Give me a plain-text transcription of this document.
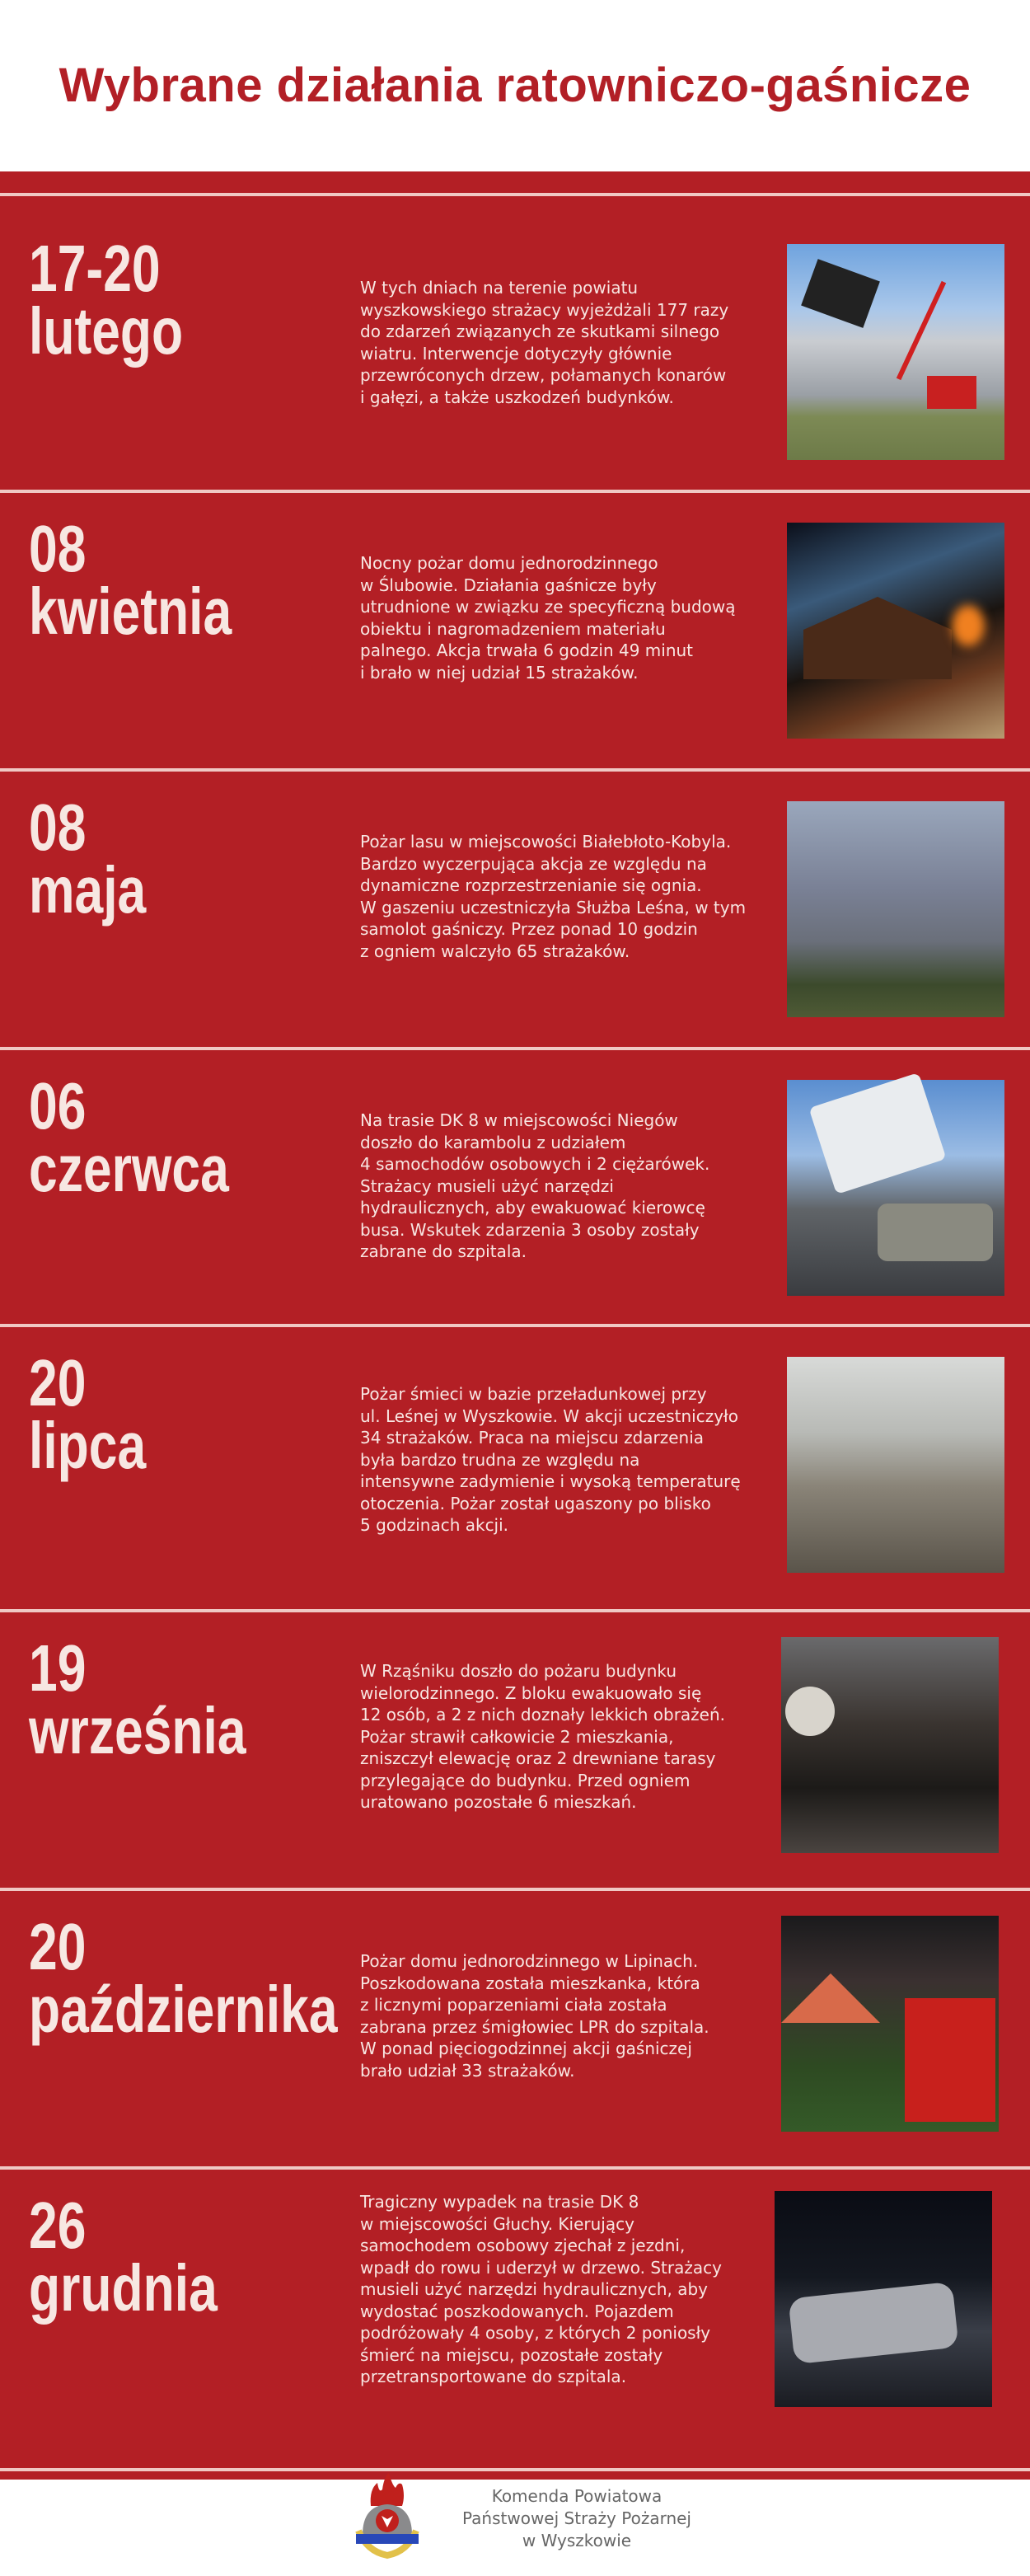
Wybrane działania ratowniczo-gaśnicze
17-20
lutego
W tych dniach na terenie powiatu
wyszkowskiego strażacy wyjeżdżali 177 razy
do zdarzeń związanych ze skutkami silnego
wiatru. Interwencje dotyczyły głównie
przewróconych drzew, połamanych konarów
i gałęzi, a także uszkodzeń budynków.
08
kwietnia
Nocny pożar domu jednorodzinnego
w Ślubowie. Działania gaśnicze były
utrudnione w związku ze specyficzną budową
obiektu i nagromadzeniem materiału
palnego. Akcja trwała 6 godzin 49 minut
i brało w niej udział 15 strażaków.
08
maja
Pożar lasu w miejscowości Białebłoto-Kobyla.
Bardzo wyczerpująca akcja ze względu na
dynamiczne rozprzestrzenianie się ognia.
W gaszeniu uczestniczyła Służba Leśna, w tym
samolot gaśniczy. Przez ponad 10 godzin
z ogniem walczyło 65 strażaków.
06
czerwca
Na trasie DK 8 w miejscowości Niegów
doszło do karambolu z udziałem
4 samochodów osobowych i 2 ciężarówek.
Strażacy musieli użyć narzędzi
hydraulicznych, aby ewakuować kierowcę
busa. Wskutek zdarzenia 3 osoby zostały
zabrane do szpitala.
20
lipca
Pożar śmieci w bazie przeładunkowej przy
ul. Leśnej w Wyszkowie. W akcji uczestniczyło
34 strażaków. Praca na miejscu zdarzenia
była bardzo trudna ze względu na
intensywne zadymienie i wysoką temperaturę
otoczenia. Pożar został ugaszony po blisko
5 godzinach akcji.
19
września
W Rząśniku doszło do pożaru budynku
wielorodzinnego. Z bloku ewakuowało się
12 osób, a 2 z nich doznały lekkich obrażeń.
Pożar strawił całkowicie 2 mieszkania,
zniszczył elewację oraz 2 drewniane tarasy
przylegające do budynku. Przed ogniem
uratowano pozostałe 6 mieszkań.
20
października
Pożar domu jednorodzinnego w Lipinach.
Poszkodowana została mieszkanka, która
z licznymi poparzeniami ciała została
zabrana przez śmigłowiec LPR do szpitala.
W ponad pięciogodzinnej akcji gaśniczej
brało udział 33 strażaków.
26
grudnia
Tragiczny wypadek na trasie DK 8
w miejscowości Głuchy. Kierujący
samochodem osobowy zjechał z jezdni,
wpadł do rowu i uderzył w drzewo. Strażacy
musieli użyć narzędzi hydraulicznych, aby
wydostać poszkodowanych. Pojazdem
podróżowały 4 osoby, z których 2 poniosły
śmierć na miejscu, pozostałe zostały
przetransportowane do szpitala.
Komenda Powiatowa
Państwowej Straży Pożarnej
w Wyszkowie
